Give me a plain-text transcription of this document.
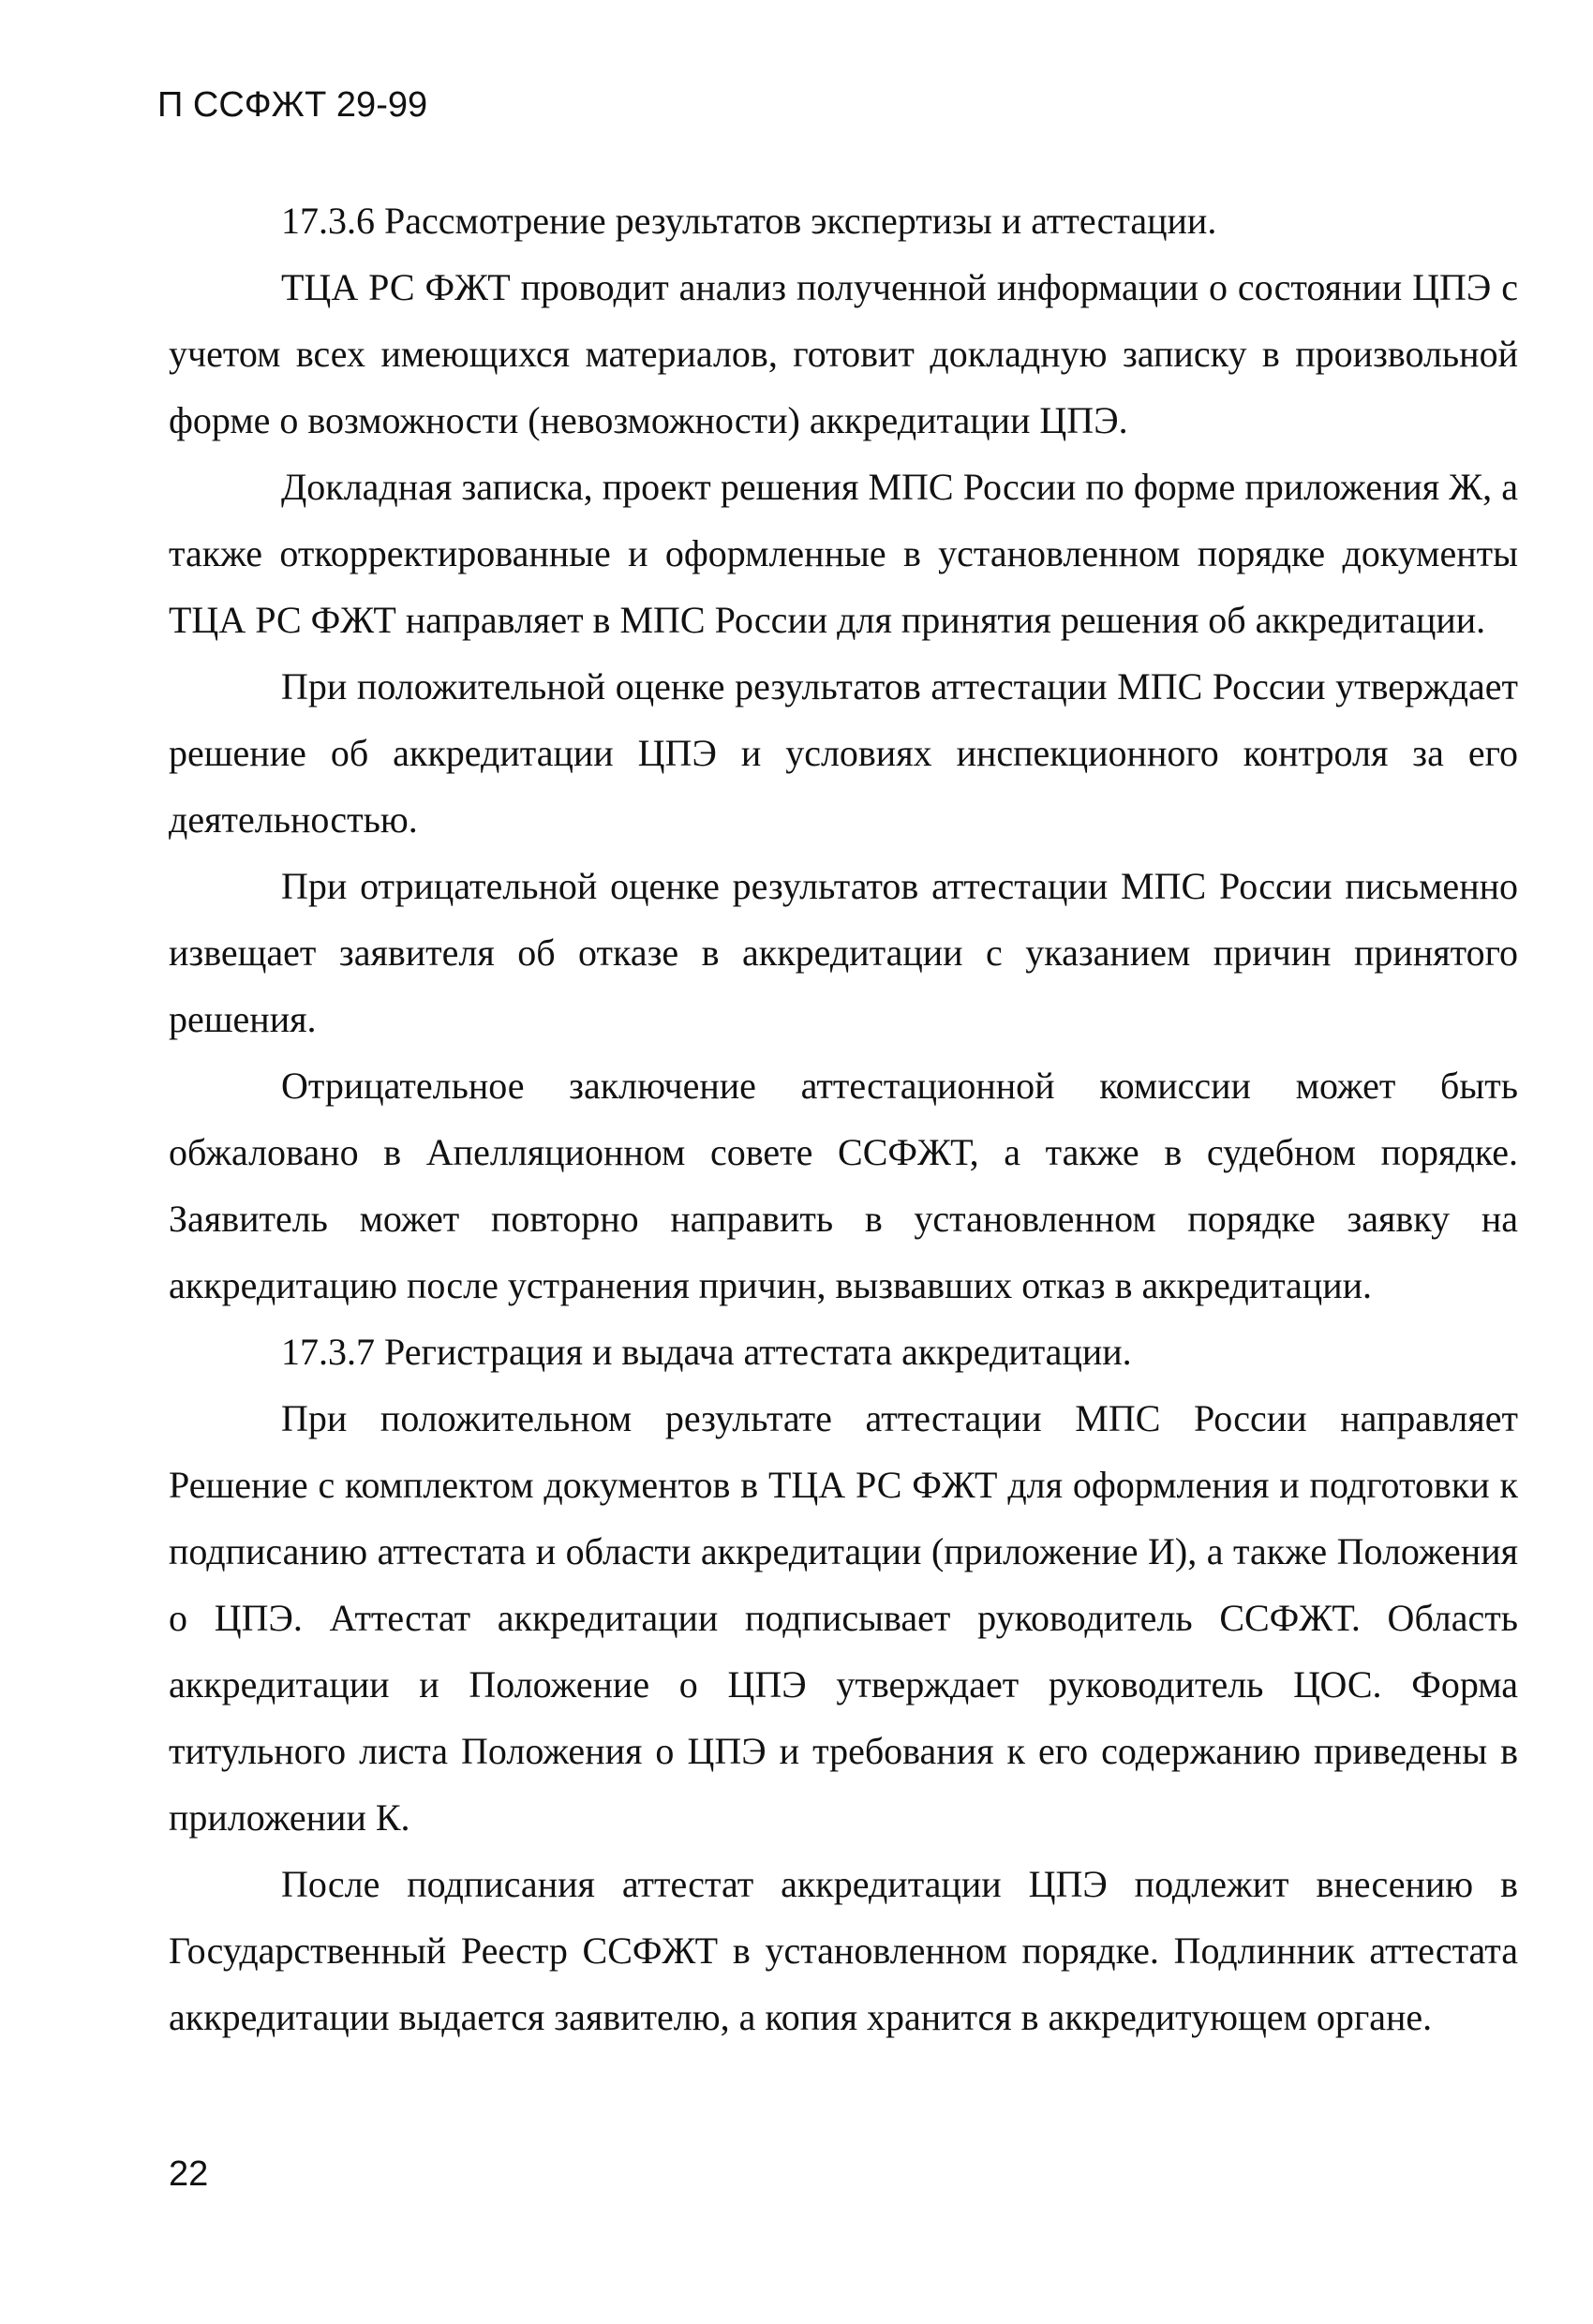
П ССФЖТ 29-99

17.3.6 Рассмотрение результатов экспертизы и аттестации.

ТЦА РС ФЖТ проводит анализ полученной информации о состоянии ЦПЭ с учетом всех имеющихся материалов, готовит докладную записку в произвольной форме о возможности (невозможности) аккредитации ЦПЭ.

Докладная записка, проект решения МПС России по форме приложения Ж, а также откорректированные и оформленные в установленном порядке документы ТЦА РС ФЖТ направляет в МПС России для принятия решения об аккредитации.

При положительной оценке результатов аттестации МПС России утверждает решение об аккредитации ЦПЭ и условиях инспекционного контроля за его деятельностью.

При отрицательной оценке результатов аттестации МПС России письменно извещает заявителя об отказе в аккредитации с указанием причин принятого решения.

Отрицательное заключение аттестационной комиссии может быть обжаловано в Апелляционном совете ССФЖТ, а также в судебном порядке. Заявитель может повторно направить в установленном порядке заявку на аккредитацию после устранения причин, вызвавших отказ в аккредитации.

17.3.7 Регистрация и выдача аттестата аккредитации.

При положительном результате аттестации МПС России направляет Решение с комплектом документов в ТЦА РС ФЖТ для оформления и подготовки к подписанию аттестата и области аккредитации (приложение И), а также Положения о ЦПЭ. Аттестат аккредитации подписывает руководитель ССФЖТ. Область аккредитации и Положение о ЦПЭ утверждает руководитель ЦОС. Форма титульного листа Положения о ЦПЭ и требования к его содержанию приведены в приложении К.

После подписания аттестат аккредитации ЦПЭ подлежит внесению в Государственный Реестр ССФЖТ в установленном порядке. Подлинник аттестата аккредитации выдается заявителю, а копия хранится в аккредитующем органе.

22
